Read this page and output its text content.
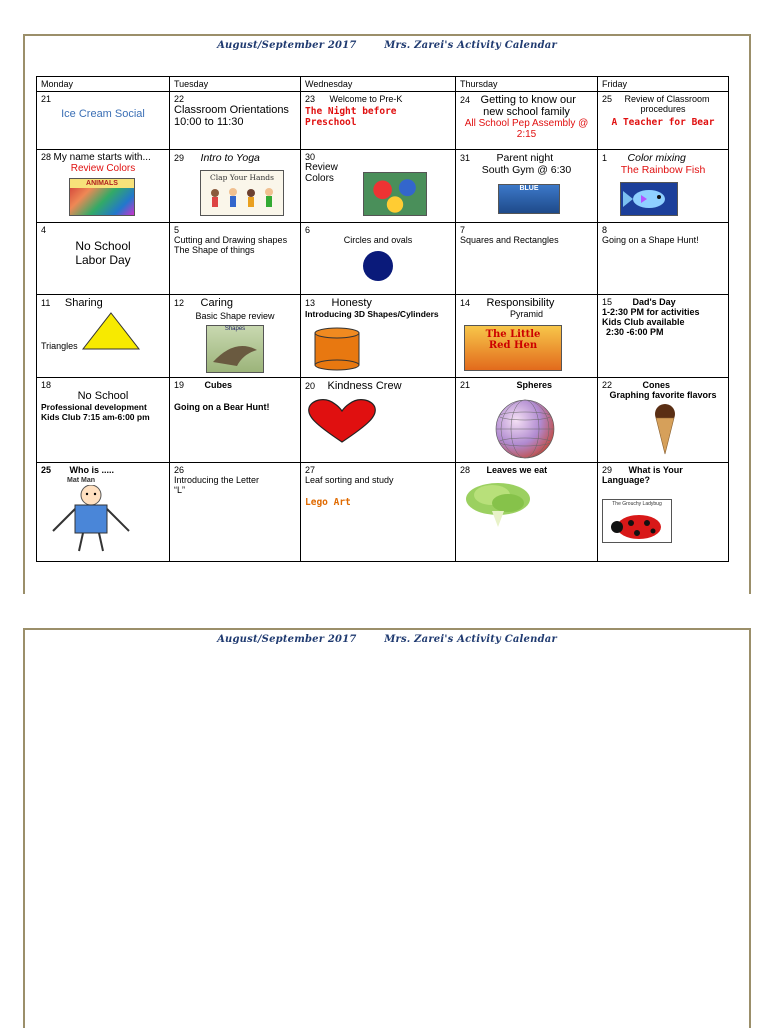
August/September 2017	Mrs. Zarei's Activity Calendar
Monday	Tuesday	Wednesday	Thursday	Friday

21
Ice Cream Social	22
Classroom Orientations
10:00 to 11:30	23 Welcome to Pre-K
The Night before Preschool	24 Getting to know our
new school family
All School Pep Assembly @
2:15	25 Review of Classroom
procedures
A Teacher for Bear

28 My name starts with...
Review Colors
ANIMALS	29 Intro to Yoga
Clap Your Hands	30
Review
Colors	31 Parent night
South Gym @ 6:30
BLUE	1 Color mixing
The Rainbow Fish

4
No School
Labor Day	5
Cutting and Drawing shapes
The Shape of things	6
Circles and ovals	7
Squares and Rectangles	8
Going on a Shape Hunt!

11 Sharing
Triangles	12 Caring
Basic Shape review
Shapes	13 Honesty
Introducing 3D Shapes/Cylinders	14 Responsibility
Pyramid
The Little
Red Hen	15 Dad's Day
1-2:30 PM for activities
Kids Club available
2:30 -6:00 PM

18
No School
Professional development
Kids Club 7:15 am-6:00 pm	19 Cubes
Going on a Bear Hunt!	20 Kindness Crew	21 Spheres	22 Cones
Graphing favorite flavors

25 Who is .....
Mat Man	26
Introducing the Letter
“L”	27
Leaf sorting and study
Lego Art	28 Leaves we eat	29 What is Your
Language?
The Grouchy Ladybug
August/September 2017	Mrs. Zarei's Activity Calendar
